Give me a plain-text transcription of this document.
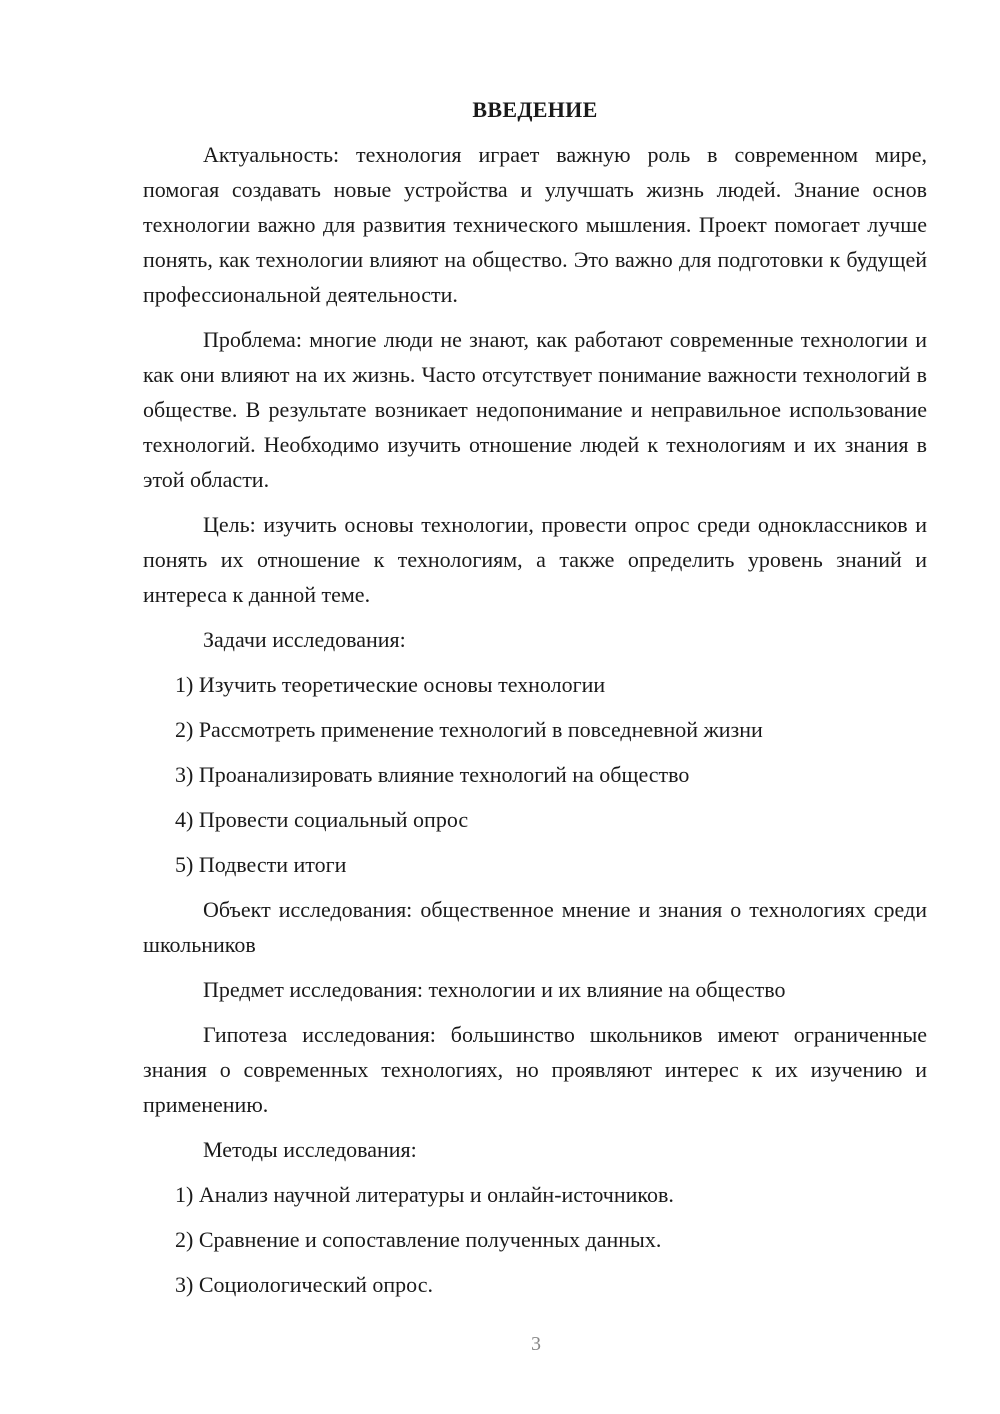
ВВЕДЕНИЕ

Актуальность: технология играет важную роль в современном мире, помогая создавать новые устройства и улучшать жизнь людей. Знание основ технологии важно для развития технического мышления. Проект помогает лучше понять, как технологии влияют на общество. Это важно для подготовки к будущей профессиональной деятельности.

Проблема: многие люди не знают, как работают современные технологии и как они влияют на их жизнь. Часто отсутствует понимание важности технологий в обществе. В результате возникает недопонимание и неправильное использование технологий. Необходимо изучить отношение людей к технологиям и их знания в этой области.

Цель: изучить основы технологии, провести опрос среди одноклассников и понять их отношение к технологиям, а также определить уровень знаний и интереса к данной теме.

Задачи исследования:
1) Изучить теоретические основы технологии
2) Рассмотреть применение технологий в повседневной жизни
3) Проанализировать влияние технологий на общество
4) Провести социальный опрос
5) Подвести итоги

Объект исследования: общественное мнение и знания о технологиях среди школьников

Предмет исследования: технологии и их влияние на общество

Гипотеза исследования: большинство школьников имеют ограниченные знания о современных технологиях, но проявляют интерес к их изучению и применению.

Методы исследования:
1) Анализ научной литературы и онлайн-источников.
2) Сравнение и сопоставление полученных данных.
3) Социологический опрос.
3
